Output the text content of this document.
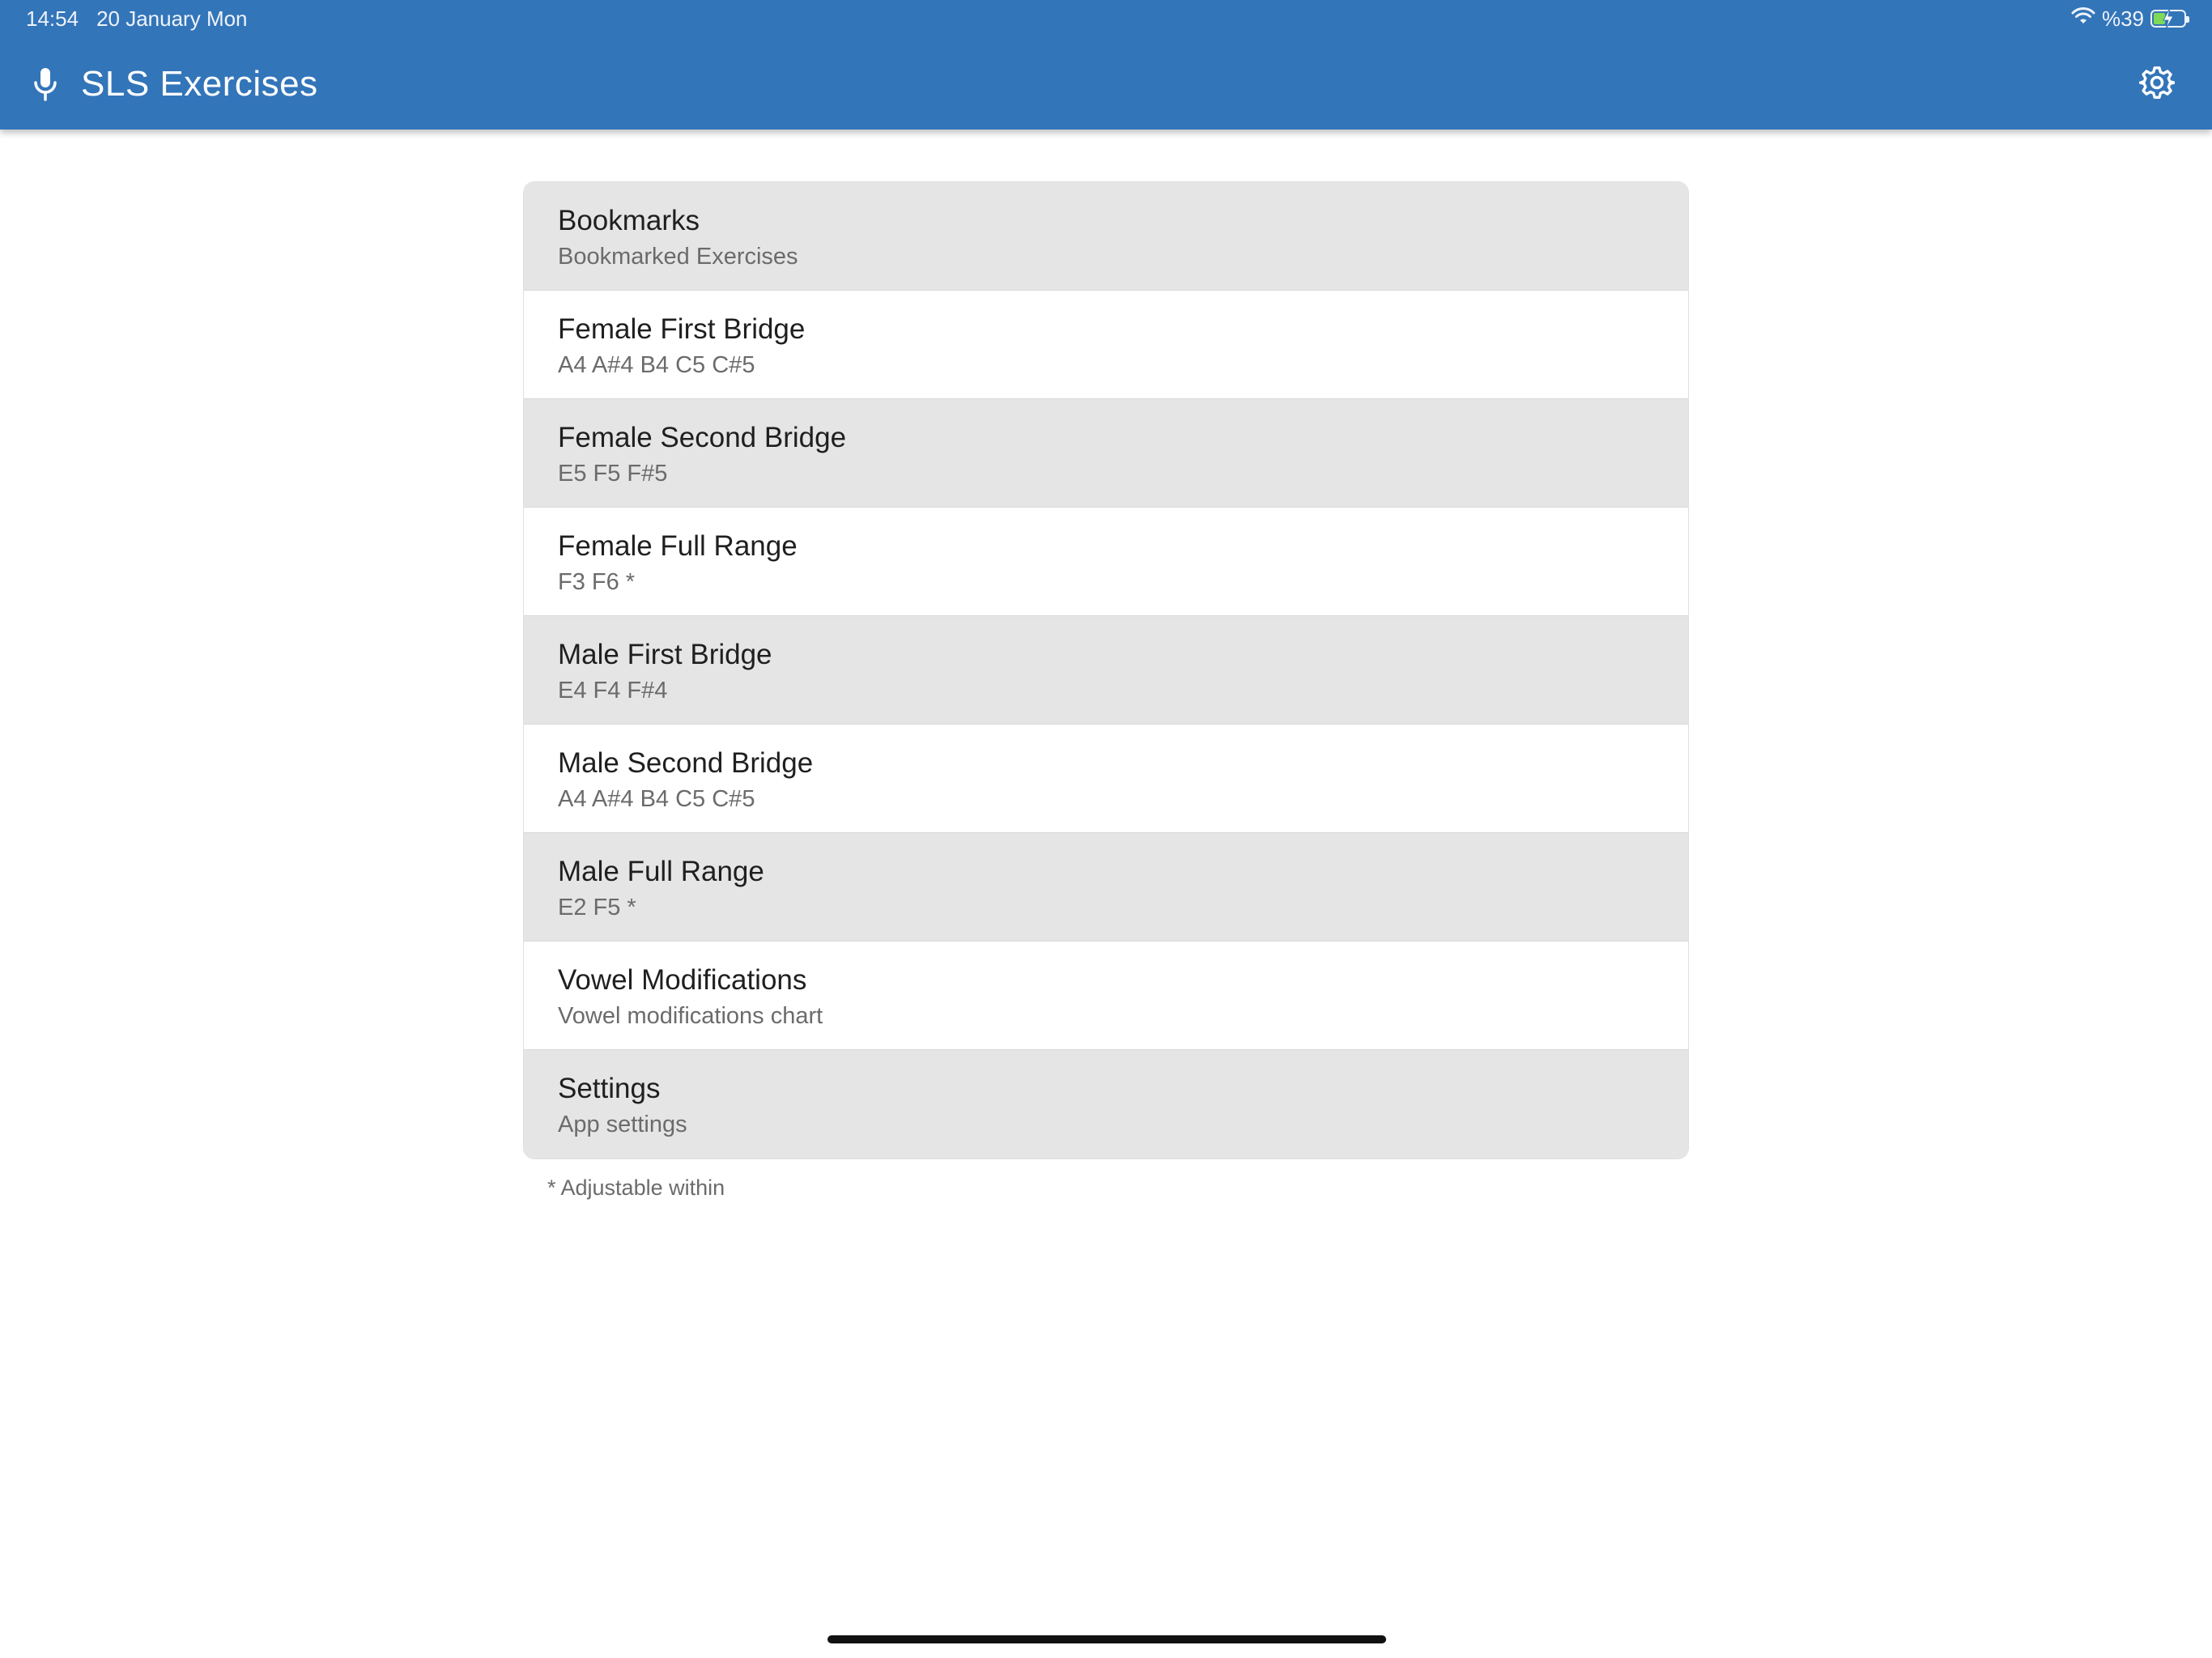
14:54 20 January Mon	%39
SLS Exercises
Bookmarks
Bookmarked Exercises
Female First Bridge
A4 A#4 B4 C5 C#5
Female Second Bridge
E5 F5 F#5
Female Full Range
F3 F6 *
Male First Bridge
E4 F4 F#4
Male Second Bridge
A4 A#4 B4 C5 C#5
Male Full Range
E2 F5 *
Vowel Modifications
Vowel modifications chart
Settings
App settings
* Adjustable within
